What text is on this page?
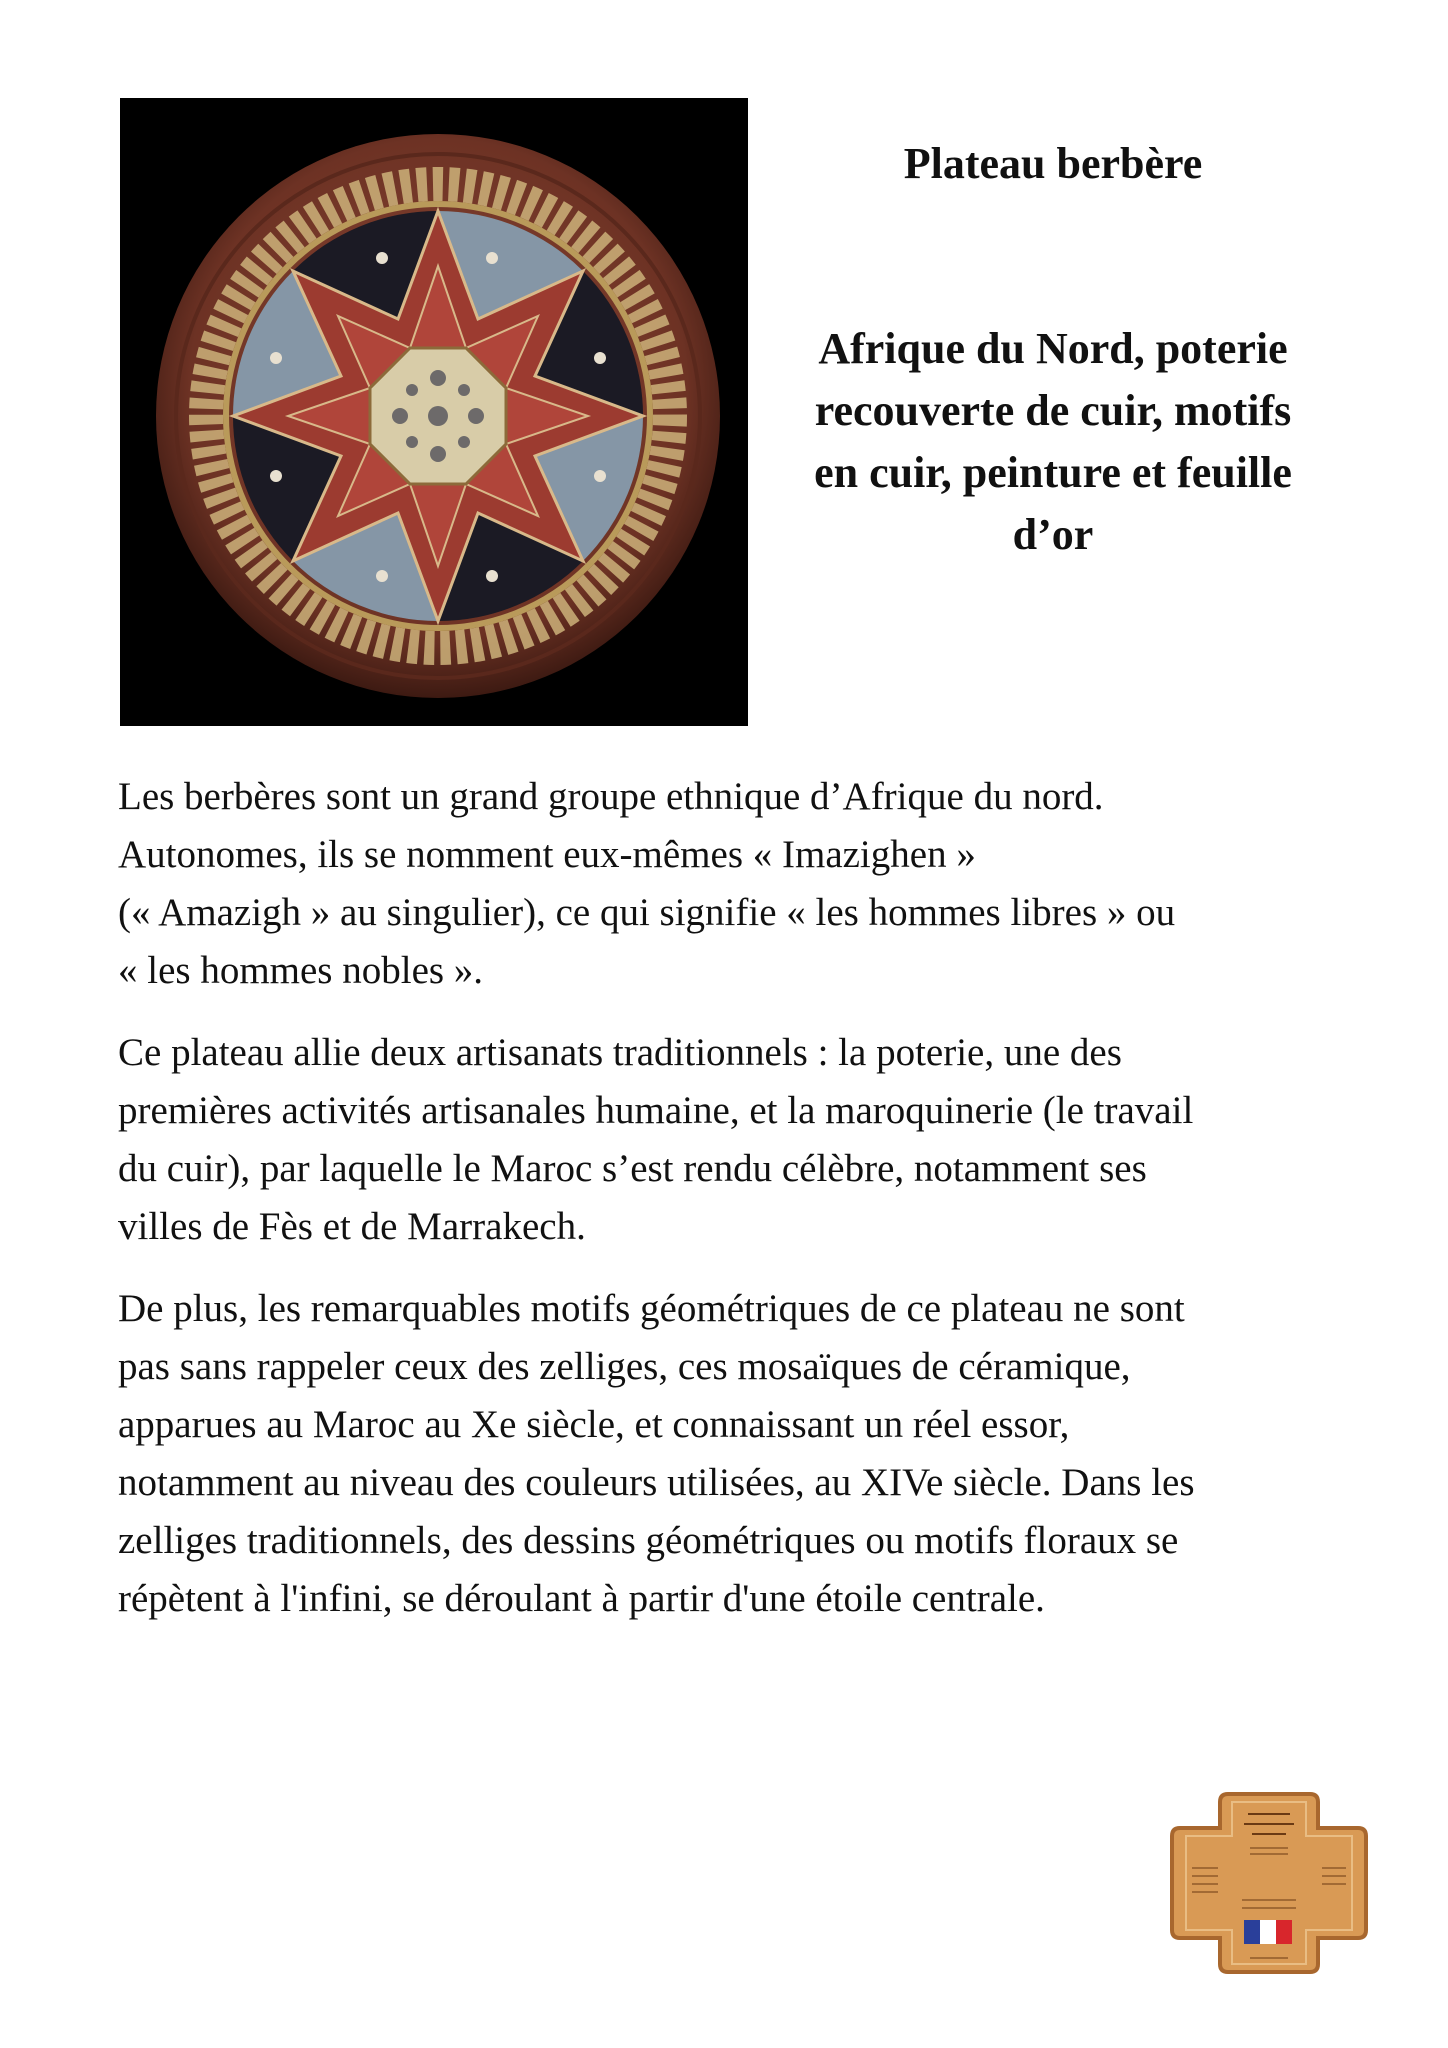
Plateau berbère
Afrique du Nord, poterie
recouverte de cuir, motifs
en cuir, peinture et feuille
d’or

Les berbères sont un grand groupe ethnique d’Afrique du nord.
Autonomes, ils se nomment eux-mêmes « Imazighen »
(« Amazigh » au singulier), ce qui signifie « les hommes libres » ou
« les hommes nobles ».

Ce plateau allie deux artisanats traditionnels : la poterie, une des
premières activités artisanales humaine, et la maroquinerie (le travail
du cuir), par laquelle le Maroc s’est rendu célèbre, notamment ses
villes de Fès et de Marrakech.

De plus, les remarquables motifs géométriques de ce plateau ne sont
pas sans rappeler ceux des zelliges, ces mosaïques de céramique,
apparues au Maroc au Xe siècle, et connaissant un réel essor,
notamment au niveau des couleurs utilisées, au XIVe siècle. Dans les
zelliges traditionnels, des dessins géométriques ou motifs floraux se
répètent à l'infini, se déroulant à partir d'une étoile centrale.
